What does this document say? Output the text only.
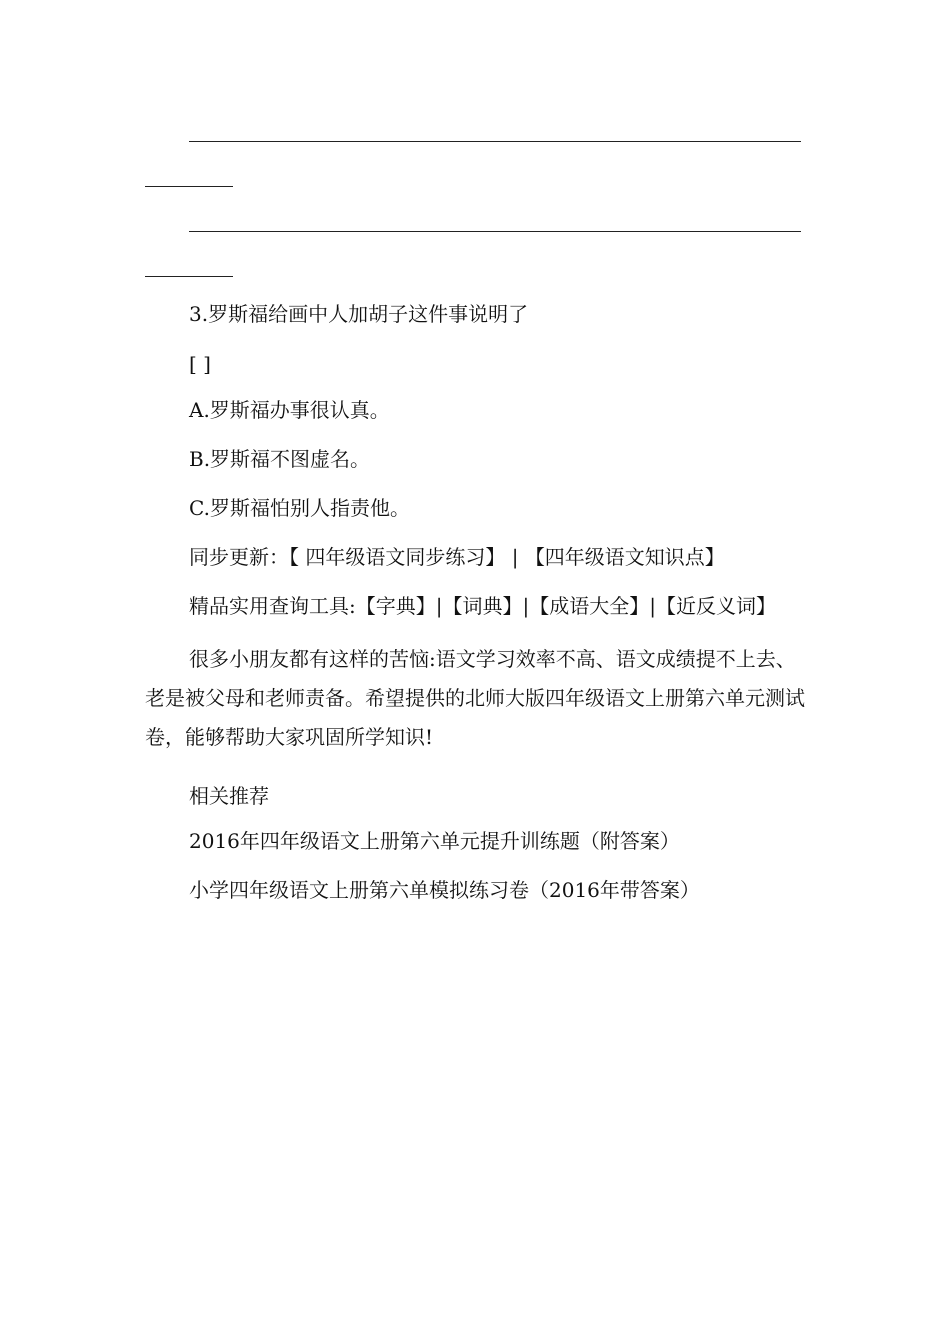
3.罗斯福给画中人加胡子这件事说明了
[ ]
A.罗斯福办事很认真。
B.罗斯福不图虚名。
C.罗斯福怕别人指责他。
同步更新：【 四年级语文同步练习】 | 【四年级语文知识点】
精品实用查询工具:【字典】|【词典】|【成语大全】|【近反义词】
很多小朋友都有这样的苦恼:语文学习效率不高、语文成绩提不上去、老是被父母和老师责备。希望提供的北师大版四年级语文上册第六单元测试卷，能够帮助大家巩固所学知识!
相关推荐
2016年四年级语文上册第六单元提升训练题（附答案）
小学四年级语文上册第六单模拟练习卷（2016年带答案）
